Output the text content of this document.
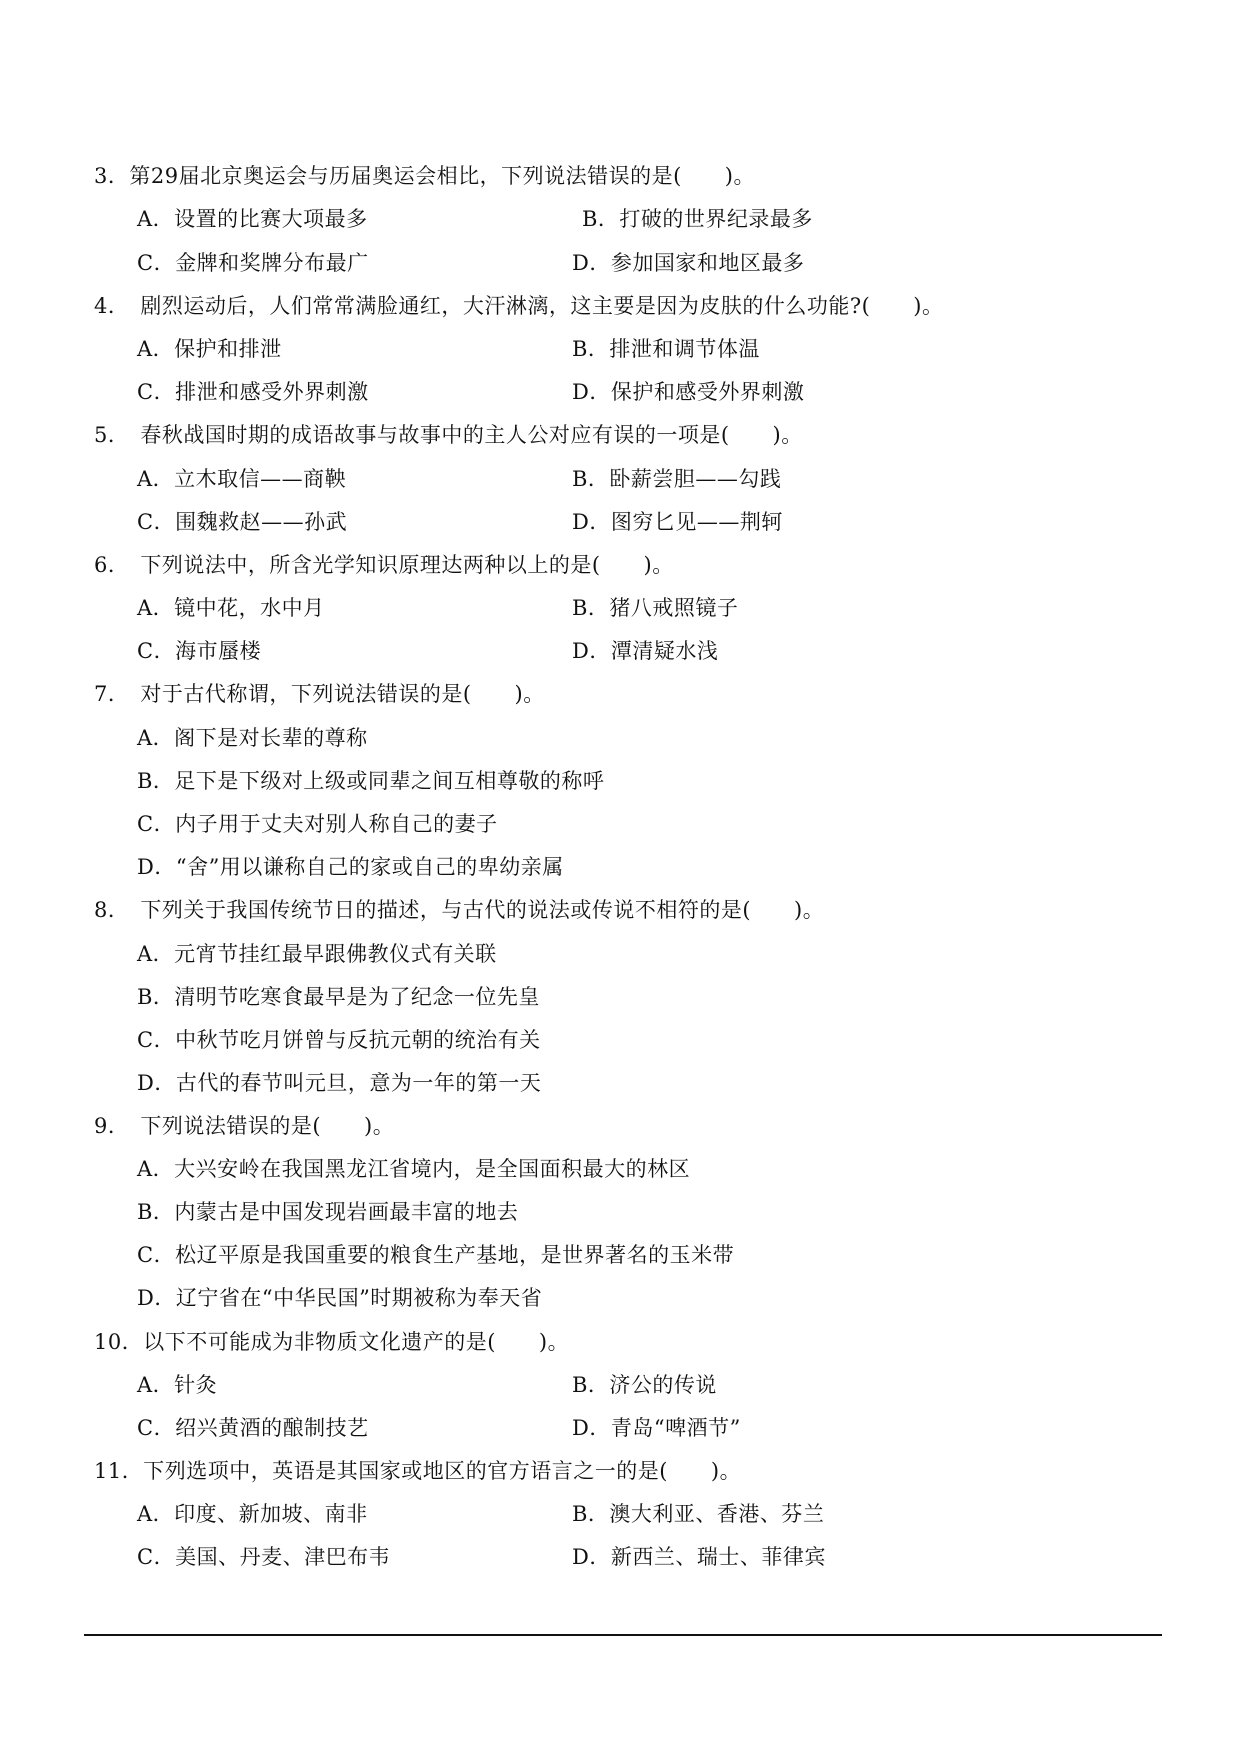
3．第29届北京奥运会与历届奥运会相比，下列说法错误的是(　　)。
A．设置的比赛大项最多	B．打破的世界纪录最多
C．金牌和奖牌分布最广	D．参加国家和地区最多
4．　剧烈运动后，人们常常满脸通红，大汗淋漓，这主要是因为皮肤的什么功能?(　　)。
A．保护和排泄	B．排泄和调节体温
C．排泄和感受外界刺激	D．保护和感受外界刺激
5．　春秋战国时期的成语故事与故事中的主人公对应有误的一项是(　　)。
A．立木取信——商鞅	B．卧薪尝胆——勾践
C．围魏救赵——孙武	D．图穷匕见——荆轲
6．　下列说法中，所含光学知识原理达两种以上的是(　　)。
A．镜中花，水中月	B．猪八戒照镜子
C．海市蜃楼	D．潭清疑水浅
7．　对于古代称谓，下列说法错误的是(　　)。
A．阁下是对长辈的尊称
B．足下是下级对上级或同辈之间互相尊敬的称呼
C．内子用于丈夫对别人称自己的妻子
D．“舍”用以谦称自己的家或自己的卑幼亲属
8．　下列关于我国传统节日的描述，与古代的说法或传说不相符的是(　　)。
A．元宵节挂红最早跟佛教仪式有关联
B．清明节吃寒食最早是为了纪念一位先皇
C．中秋节吃月饼曾与反抗元朝的统治有关
D．古代的春节叫元旦，意为一年的第一天
9．　下列说法错误的是(　　)。
A．大兴安岭在我国黑龙江省境内，是全国面积最大的林区
B．内蒙古是中国发现岩画最丰富的地去
C．松辽平原是我国重要的粮食生产基地，是世界著名的玉米带
D．辽宁省在“中华民国”时期被称为奉天省
10．以下不可能成为非物质文化遗产的是(　　)。
A．针灸	B．济公的传说
C．绍兴黄酒的酿制技艺	D．青岛“啤酒节”
11．下列选项中，英语是其国家或地区的官方语言之一的是(　　)。
A．印度、新加坡、南非	B．澳大利亚、香港、芬兰
C．美国、丹麦、津巴布韦	D．新西兰、瑞士、菲律宾
